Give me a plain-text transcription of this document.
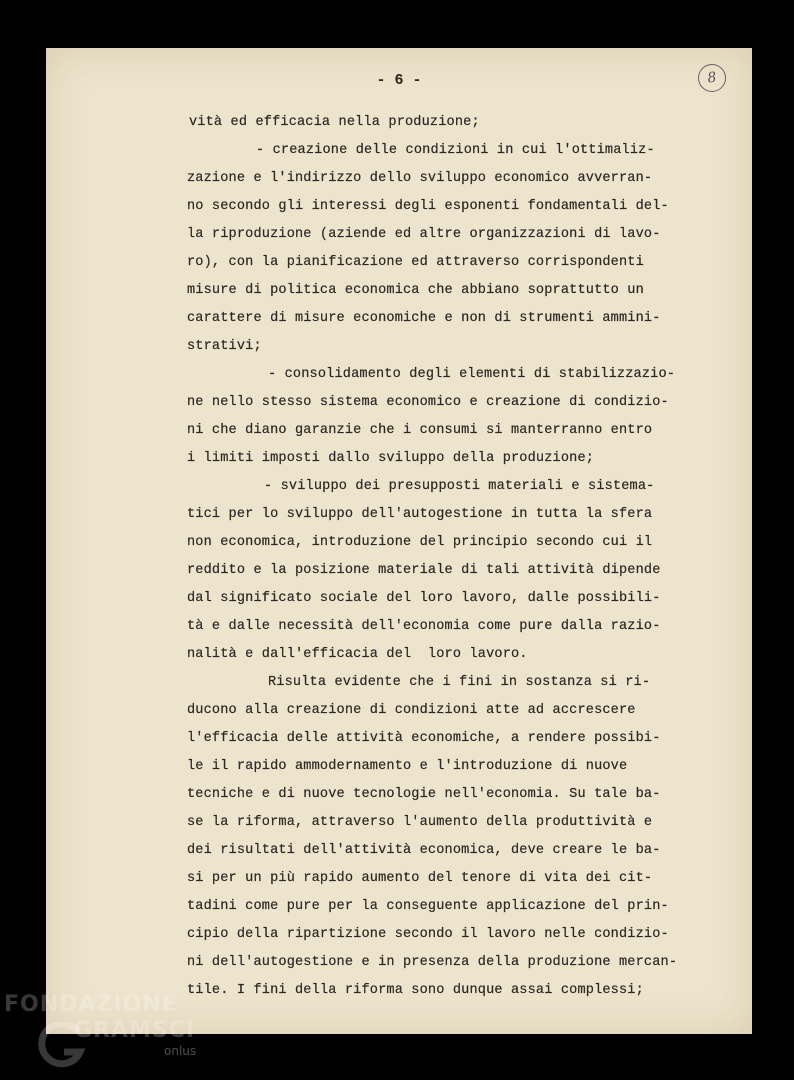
- 6 -	8
vità ed efficacia nella produzione;
- creazione delle condizioni in cui l'ottimaliz-
zazione e l'indirizzo dello sviluppo economico avverran-
no secondo gli interessi degli esponenti fondamentali del-
la riproduzione (aziende ed altre organizzazioni di lavo-
ro), con la pianificazione ed attraverso corrispondenti
misure di politica economica che abbiano soprattutto un
carattere di misure economiche e non di strumenti ammini-
strativi;
- consolidamento degli elementi di stabilizzazio-
ne nello stesso sistema economico e creazione di condizio-
ni che diano garanzie che i consumi si manterranno entro
i limiti imposti dallo sviluppo della produzione;
- sviluppo dei presupposti materiali e sistema-
tici per lo sviluppo dell'autogestione in tutta la sfera
non economica, introduzione del principio secondo cui il
reddito e la posizione materiale di tali attività dipende
dal significato sociale del loro lavoro, dalle possibili-
tà e dalle necessità dell'economia come pure dalla razio-
nalità e dall'efficacia del  loro lavoro.
Risulta evidente che i fini in sostanza si ri-
ducono alla creazione di condizioni atte ad accrescere
l'efficacia delle attività economiche, a rendere possibi-
le il rapido ammodernamento e l'introduzione di nuove
tecniche e di nuove tecnologie nell'economia. Su tale ba-
se la riforma, attraverso l'aumento della produttività e
dei risultati dell'attività economica, deve creare le ba-
si per un più rapido aumento del tenore di vita dei cit-
tadini come pure per la conseguente applicazione del prin-
cipio della ripartizione secondo il lavoro nelle condizio-
ni dell'autogestione e in presenza della produzione mercan-
tile. I fini della riforma sono dunque assai complessi;
FONDAZIONE
GRAMSCI
onlus
